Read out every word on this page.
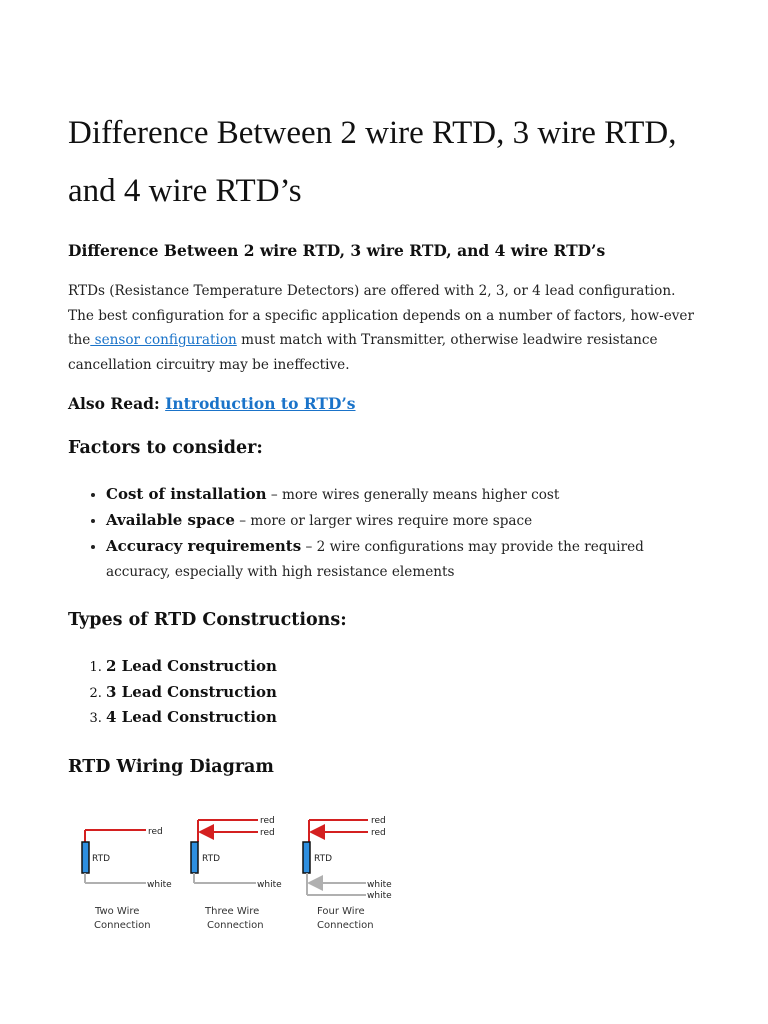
Difference Between 2 wire RTD, 3 wire RTD, and 4 wire RTD’s

Difference Between 2 wire RTD, 3 wire RTD, and 4 wire RTD’s

RTDs (Resistance Temperature Detectors) are offered with 2, 3, or 4 lead configuration. The best configuration for a specific application depends on a number of factors, how-ever the sensor configuration must match with Transmitter, otherwise leadwire resistance cancellation circuitry may be ineffective.

Also Read: Introduction to RTD’s

Factors to consider:

• Cost of installation – more wires generally means higher cost
• Available space – more or larger wires require more space
• Accuracy requirements – 2 wire configurations may provide the required accuracy, especially with high resistance elements

Types of RTD Constructions:

1. 2 Lead Construction
2. 3 Lead Construction
3. 4 Lead Construction

RTD Wiring Diagram

RTD
red
white
Two Wire
Connection
RTD
red
red
white
Three Wire
Connection
RTD
red
red
white
white
Four Wire
Connection
